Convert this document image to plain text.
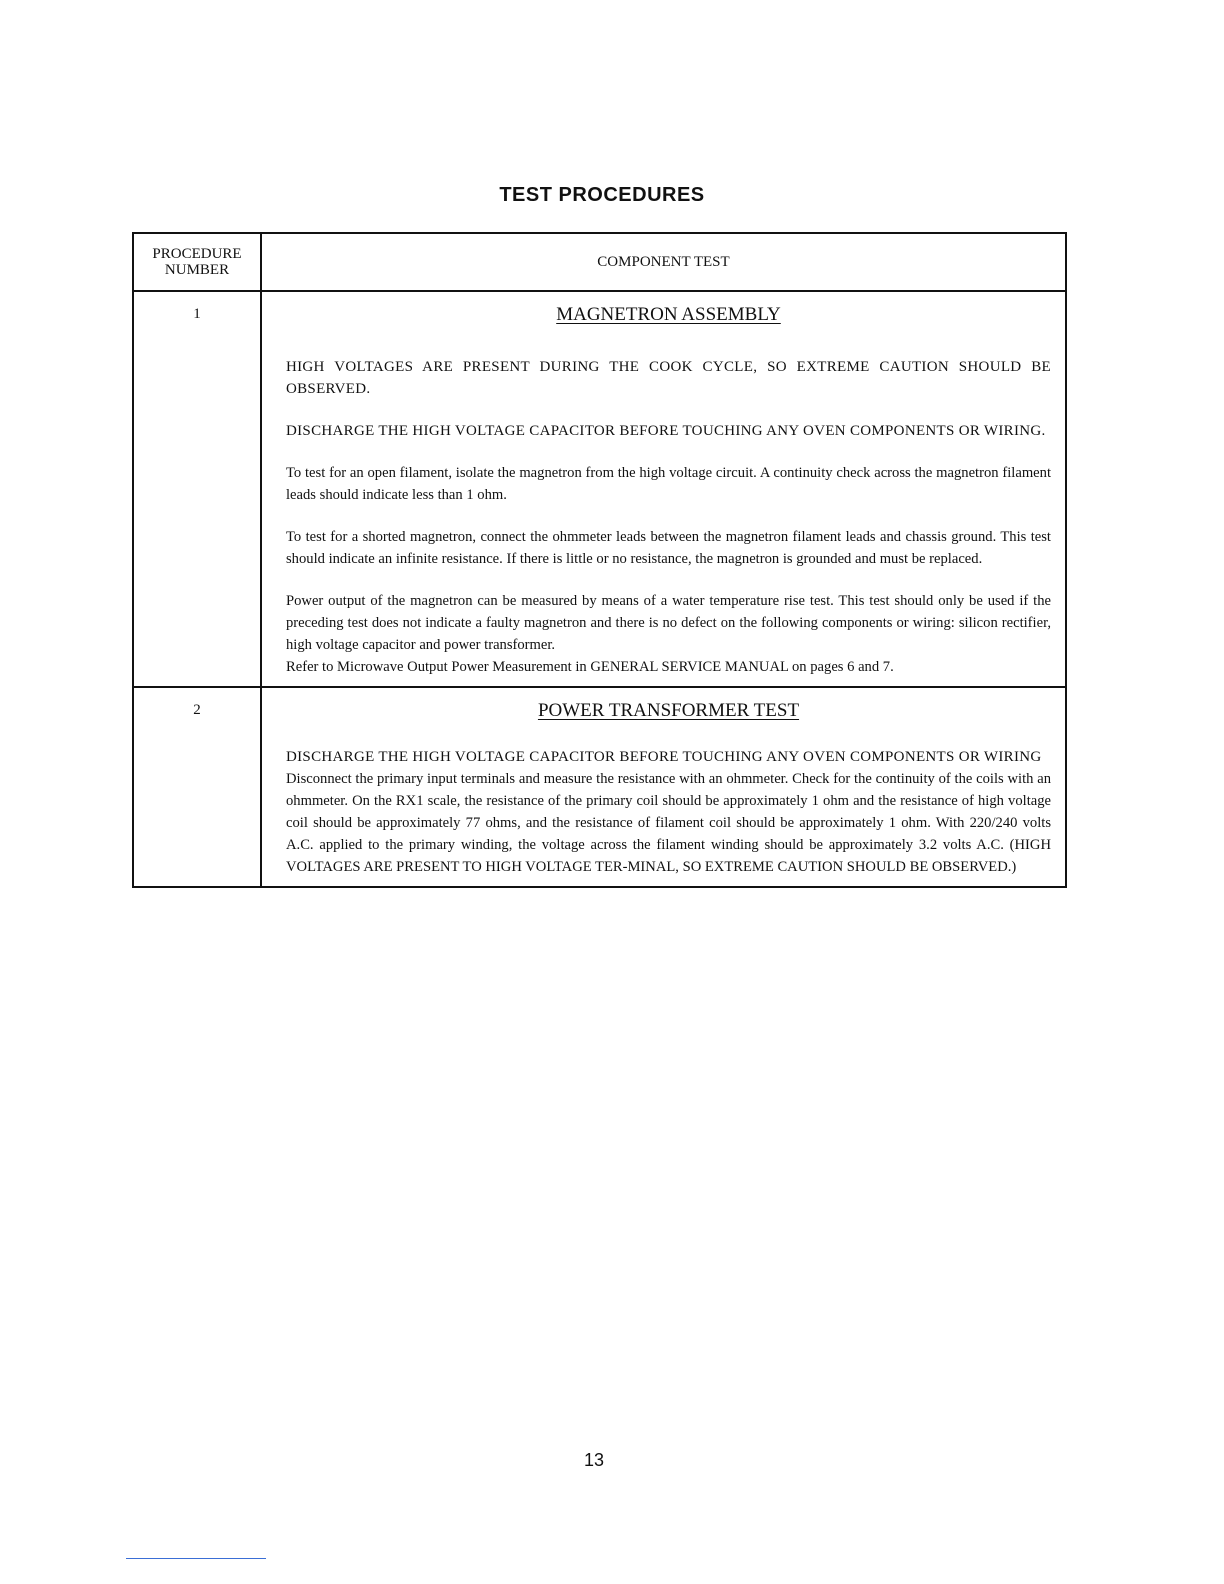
TEST PROCEDURES
PROCEDURE
NUMBER
COMPONENT TEST
1	MAGNETRON ASSEMBLY

HIGH VOLTAGES ARE PRESENT DURING THE COOK CYCLE, SO EXTREME CAUTION SHOULD BE OBSERVED.

DISCHARGE THE HIGH VOLTAGE CAPACITOR BEFORE TOUCHING ANY OVEN COMPONENTS OR WIRING.

To test for an open filament, isolate the magnetron from the high voltage circuit. A continuity check across the magnetron filament leads should indicate less than 1 ohm.

To test for a shorted magnetron, connect the ohmmeter leads between the magnetron filament leads and chassis ground. This test should indicate an infinite resistance. If there is little or no resistance, the magnetron is grounded and must be replaced.

Power output of the magnetron can be measured by means of a water temperature rise test. This test should only be used if the preceding test does not indicate a faulty magnetron and there is no defect on the following components or wiring: silicon rectifier, high voltage capacitor and power transformer.

Refer to Microwave Output Power Measurement in GENERAL SERVICE MANUAL on pages 6 and 7.

2	POWER TRANSFORMER TEST

DISCHARGE THE HIGH VOLTAGE CAPACITOR BEFORE TOUCHING ANY OVEN COMPONENTS OR WIRING

Disconnect the primary input terminals and measure the resistance with an ohmmeter. Check for the continuity of the coils with an ohmmeter. On the RX1 scale, the resistance of the primary coil should be approximately 1 ohm and the resistance of high voltage coil should be approximately 77 ohms, and the resistance of filament coil should be approximately 1 ohm. With 220/240 volts A.C. applied to the primary winding, the voltage across the filament winding should be approximately 3.2 volts A.C. (HIGH VOLTAGES ARE PRESENT TO HIGH VOLTAGE TER-MINAL, SO EXTREME CAUTION SHOULD BE OBSERVED.)

13
